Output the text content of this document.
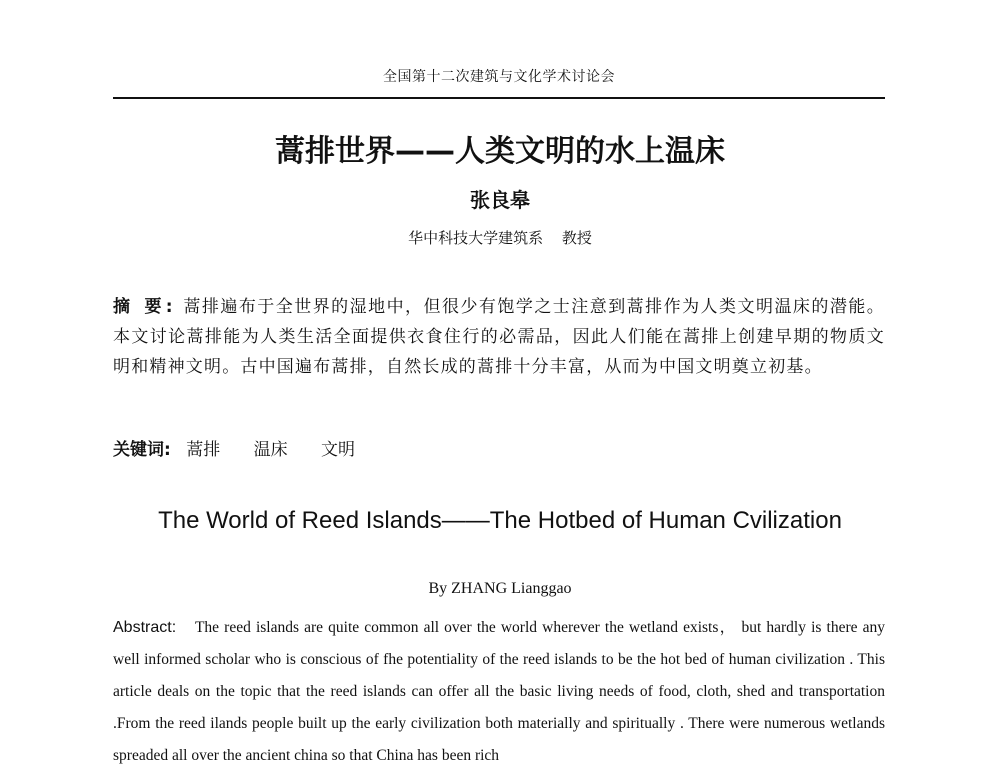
全国第十二次建筑与文化学术讨论会
蒿排世界——人类文明的水上温床
张良皋
华中科技大学建筑系 教授
摘 要: 蒿排遍布于全世界的湿地中，但很少有饱学之士注意到蒿排作为人类文明温床的潜能。本文讨论蒿排能为人类生活全面提供衣食住行的必需品，因此人们能在蒿排上创建早期的物质文明和精神文明。古中国遍布蒿排，自然长成的蒿排十分丰富，从而为中国文明奠立初基。
关键词: 蒿排 温床 文明
The World of Reed Islands——The Hotbed of Human Cvilization
By ZHANG Lianggao
Abstract: The reed islands are quite common all over the world wherever the wetland exists， but hardly is there any well informed scholar who is conscious of fhe potentiality of the reed islands to be the hot bed of human civilization . This article deals on the topic that the reed islands can offer all the basic living needs of food, cloth, shed and transportation .From the reed ilands people built up the early civilization both materially and spiritually . There were numerous wetlands spreaded all over the ancient china so that China has been rich
